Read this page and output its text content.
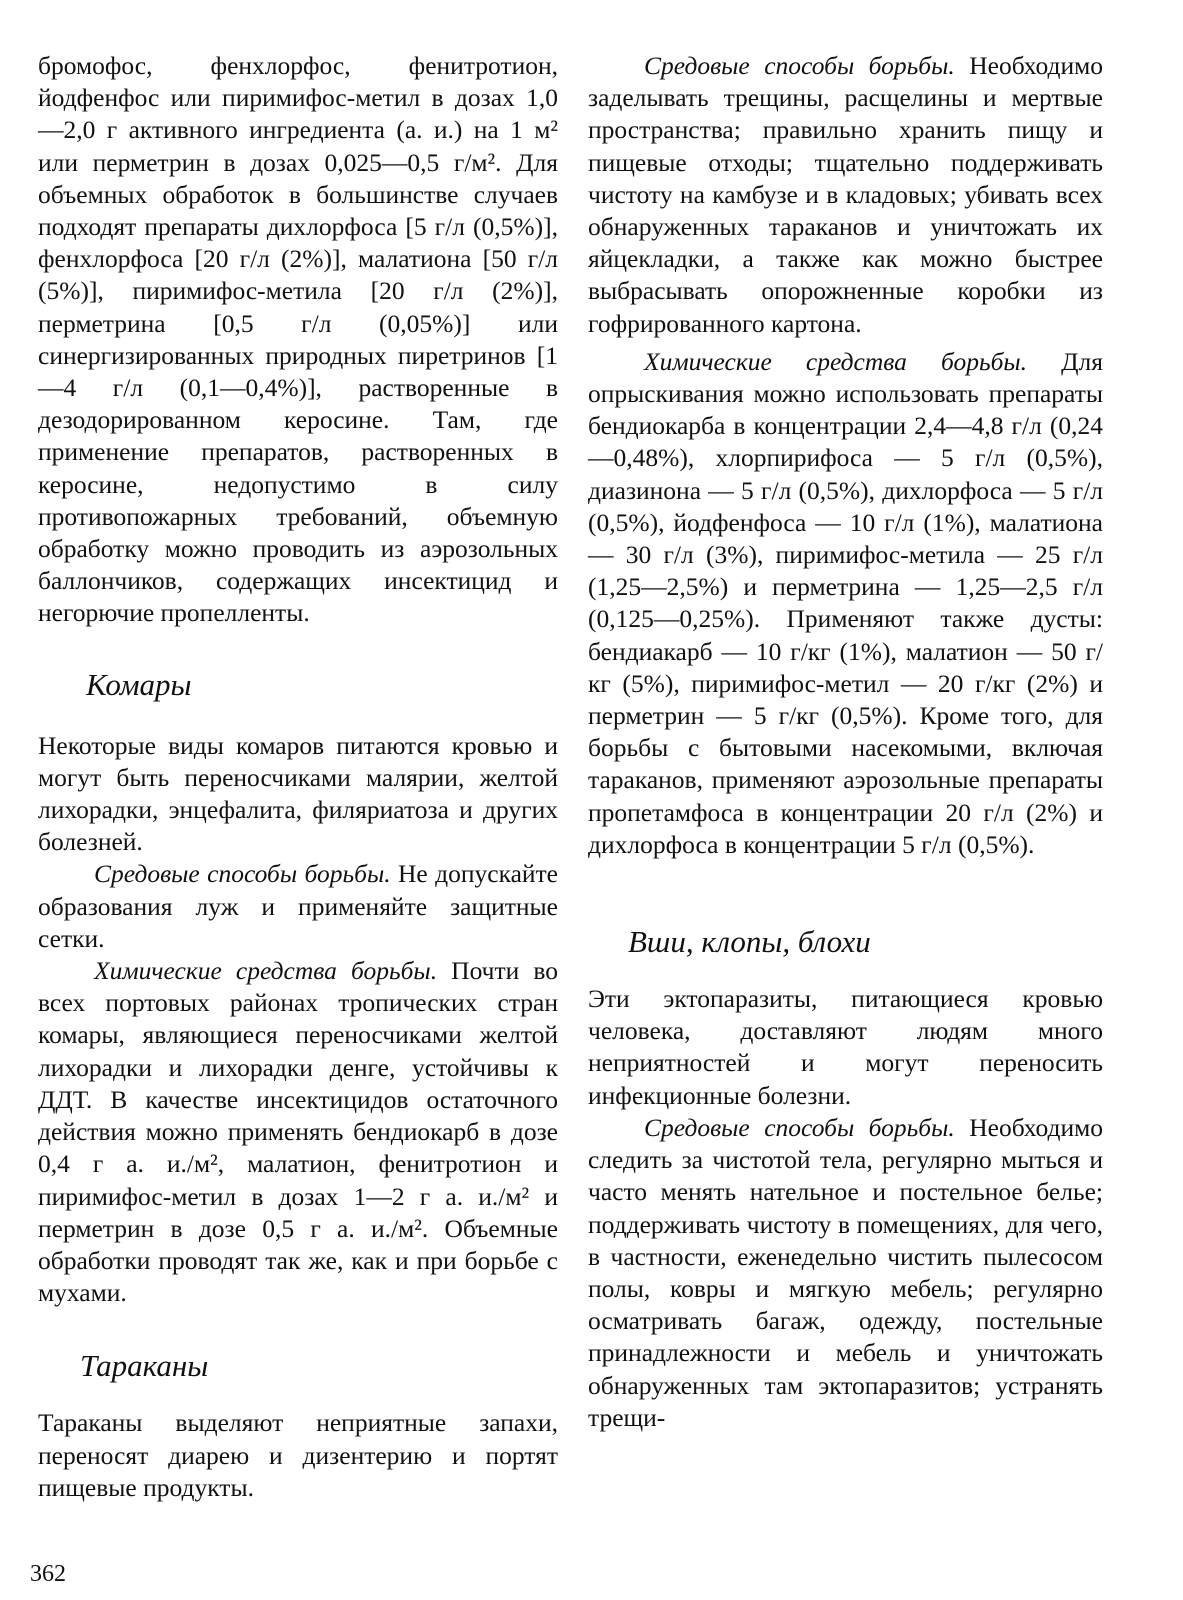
бромофос, фенхлорфос, фенитротион, йодфенфос или пиримифос-метил в дозах 1,0—2,0 г активного ингредиента (а. и.) на 1 м² или перметрин в дозах 0,025—0,5 г/м². Для объемных обработок в большинстве случаев подходят препараты дихлорфоса [5 г/л (0,5%)], фенхлорфоса [20 г/л (2%)], малатиона [50 г/л (5%)], пиримифос-метила [20 г/л (2%)], перметрина [0,5 г/л (0,05%)] или синергизированных природных пиретринов [1—4 г/л (0,1—0,4%)], растворенные в дезодорированном керосине. Там, где применение препаратов, растворенных в керосине, недопустимо в силу противопожарных требований, объемную обработку можно проводить из аэрозольных баллончиков, содержащих инсектицид и негорючие пропелленты.

Комары

Некоторые виды комаров питаются кровью и могут быть переносчиками малярии, желтой лихорадки, энцефалита, филяриатоза и других болезней.

Средовые способы борьбы. Не допускайте образования луж и применяйте защитные сетки.

Химические средства борьбы. Почти во всех портовых районах тропических стран комары, являющиеся переносчиками желтой лихорадки и лихорадки денге, устойчивы к ДДТ. В качестве инсектицидов остаточного действия можно применять бендиокарб в дозе 0,4 г а. и./м², малатион, фенитротион и пиримифос-метил в дозах 1—2 г а. и./м² и перметрин в дозе 0,5 г а. и./м². Объемные обработки проводят так же, как и при борьбе с мухами.

Тараканы

Тараканы выделяют неприятные запахи, переносят диарею и дизентерию и портят пищевые продукты.

Средовые способы борьбы. Необходимо заделывать трещины, расщелины и мертвые пространства; правильно хранить пищу и пищевые отходы; тщательно поддерживать чистоту на камбузе и в кладовых; убивать всех обнаруженных тараканов и уничтожать их яйцекладки, а также как можно быстрее выбрасывать опорожненные коробки из гофрированного картона.

Химические средства борьбы. Для опрыскивания можно использовать препараты бендиокарба в концентрации 2,4—4,8 г/л (0,24—0,48%), хлорпирифоса — 5 г/л (0,5%), диазинона — 5 г/л (0,5%), дихлорфоса — 5 г/л (0,5%), йодфенфоса — 10 г/л (1%), малатиона — 30 г/л (3%), пиримифос-метила — 25 г/л (1,25—2,5%) и перметрина — 1,25—2,5 г/л (0,125—0,25%). Применяют также дусты: бендиакарб — 10 г/кг (1%), малатион — 50 г/кг (5%), пиримифос-метил — 20 г/кг (2%) и перметрин — 5 г/кг (0,5%). Кроме того, для борьбы с бытовыми насекомыми, включая тараканов, применяют аэрозольные препараты пропетамфоса в концентрации 20 г/л (2%) и дихлорфоса в концентрации 5 г/л (0,5%).

Вши, клопы, блохи

Эти эктопаразиты, питающиеся кровью человека, доставляют людям много неприятностей и могут переносить инфекционные болезни.

Средовые способы борьбы. Необходимо следить за чистотой тела, регулярно мыться и часто менять нательное и постельное белье; поддерживать чистоту в помещениях, для чего, в частности, еженедельно чистить пылесосом полы, ковры и мягкую мебель; регулярно осматривать багаж, одежду, постельные принадлежности и мебель и уничтожать обнаруженных там эктопаразитов; устранять трещи-

362
